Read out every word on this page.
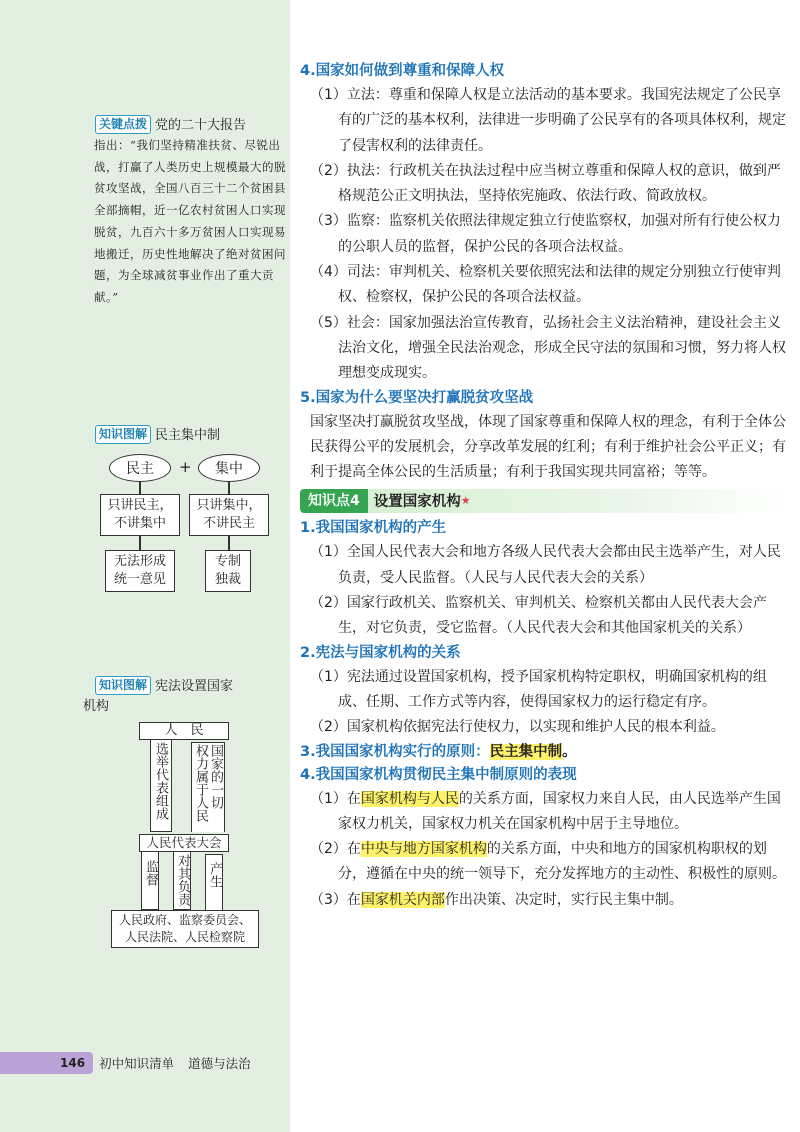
关键点拨 党的二十大报告
指出：“我们坚持精准扶贫、尽锐出战，打赢了人类历史上规模最大的脱贫攻坚战，全国八百三十二个贫困县全部摘帽，近一亿农村贫困人口实现脱贫，九百六十多万贫困人口实现易地搬迁，历史性地解决了绝对贫困问题，为全球减贫事业作出了重大贡献。”
知识图解 民主集中制
民主	+	集中
只讲民主，
不讲集中
只讲集中，
不讲民主
无法形成
统一意见
专制
独裁
知识图解 宪法设置国家
机构
人　民
选举代表组成	国家的一切
权力属于人民
人民代表大会
监督 对其负责 产生
人民政府、监察委员会、
人民法院、人民检察院
4.国家如何做到尊重和保障人权
（1）立法：尊重和保障人权是立法活动的基本要求。我国宪法规定了公民享有的广泛的基本权利，法律进一步明确了公民享有的各项具体权利，规定了侵害权利的法律责任。
（2）执法：行政机关在执法过程中应当树立尊重和保障人权的意识，做到严格规范公正文明执法，坚持依宪施政、依法行政、简政放权。
（3）监察：监察机关依照法律规定独立行使监察权，加强对所有行使公权力的公职人员的监督，保护公民的各项合法权益。
（4）司法：审判机关、检察机关要依照宪法和法律的规定分别独立行使审判权、检察权，保护公民的各项合法权益。
（5）社会：国家加强法治宣传教育，弘扬社会主义法治精神，建设社会主义法治文化，增强全民法治观念，形成全民守法的氛围和习惯，努力将人权理想变成现实。
5.国家为什么要坚决打赢脱贫攻坚战
国家坚决打赢脱贫攻坚战，体现了国家尊重和保障人权的理念，有利于全体公民获得公平的发展机会，分享改革发展的红利；有利于维护社会公平正义；有利于提高全体公民的生活质量；有利于我国实现共同富裕；等等。
知识点4 设置国家机构★
1.我国国家机构的产生
（1）全国人民代表大会和地方各级人民代表大会都由民主选举产生，对人民负责，受人民监督。（人民与人民代表大会的关系）
（2）国家行政机关、监察机关、审判机关、检察机关都由人民代表大会产生，对它负责，受它监督。（人民代表大会和其他国家机关的关系）
2.宪法与国家机构的关系
（1）宪法通过设置国家机构，授予国家机构特定职权，明确国家机构的组成、任期、工作方式等内容，使得国家权力的运行稳定有序。
（2）国家机构依据宪法行使权力，以实现和维护人民的根本利益。
3.我国国家机构实行的原则：民主集中制。
4.我国国家机构贯彻民主集中制原则的表现
（1）在国家机构与人民的关系方面，国家权力来自人民，由人民选举产生国家权力机关，国家权力机关在国家机构中居于主导地位。
（2）在中央与地方国家机构的关系方面，中央和地方的国家机构职权的划分，遵循在中央的统一领导下，充分发挥地方的主动性、积极性的原则。
（3）在国家机关内部作出决策、决定时，实行民主集中制。
146	初中知识清单 道德与法治
